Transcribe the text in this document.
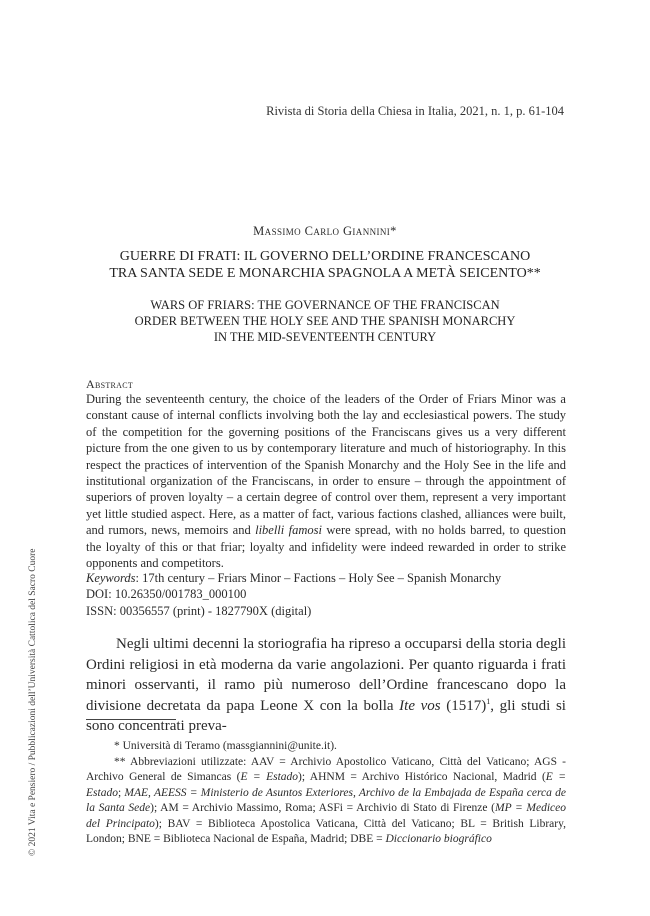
Rivista di Storia della Chiesa in Italia, 2021, n. 1, p. 61-104
Massimo Carlo Giannini*
GUERRE DI FRATI: IL GOVERNO DELL’ORDINE FRANCESCANO
TRA SANTA SEDE E MONARCHIA SPAGNOLA A METÀ SEICENTO**
WARS OF FRIARS: THE GOVERNANCE OF THE FRANCISCAN
ORDER BETWEEN THE HOLY SEE AND THE SPANISH MONARCHY
IN THE MID-SEVENTEENTH CENTURY
Abstract

During the seventeenth century, the choice of the leaders of the Order of Friars Minor was a constant cause of internal conflicts involving both the lay and ecclesiastical powers. The study of the competition for the governing positions of the Franciscans gives us a very different picture from the one given to us by contemporary literature and much of historiography. In this respect the practices of intervention of the Spanish Monarchy and the Holy See in the life and institutional organization of the Franciscans, in order to ensure – through the appointment of superiors of proven loyalty – a certain degree of control over them, represent a very important yet little studied aspect. Here, as a matter of fact, various factions clashed, alliances were built, and rumors, news, memoirs and libelli famosi were spread, with no holds barred, to question the loyalty of this or that friar; loyalty and infidelity were indeed rewarded in order to strike opponents and competitors.

Keywords: 17th century – Friars Minor – Factions – Holy See – Spanish Monarchy
DOI: 10.26350/001783_000100
ISSN: 00356557 (print) - 1827790X (digital)

Negli ultimi decenni la storiografia ha ripreso a occuparsi della storia degli Ordini religiosi in età moderna da varie angolazioni. Per quanto riguarda i frati minori osservanti, il ramo più numeroso dell’Ordine francescano dopo la divisione decretata da papa Leone X con la bolla Ite vos $(1517)^1$, gli studi si sono concentrati preva-

* Università di Teramo (massgiannini@unite.it).

** Abbreviazioni utilizzate: AAV = Archivio Apostolico Vaticano, Città del Vaticano; AGS - Archivo General de Simancas (E = Estado); AHNM = Archivo Histórico Nacional, Madrid (E = Estado; MAE, AEESS = Ministerio de Asuntos Exteriores, Archivo de la Embajada de España cerca de la Santa Sede); AM = Archivio Massimo, Roma; ASFi = Archivio di Stato di Firenze (MP = Mediceo del Principato); BAV = Biblioteca Apostolica Vaticana, Città del Vaticano; BL = British Library, London; BNE = Biblioteca Nacional de España, Madrid; DBE = Diccionario biográfico

© 2021 Vita e Pensiero / Pubblicazioni dell’Università Cattolica del Sacro Cuore
